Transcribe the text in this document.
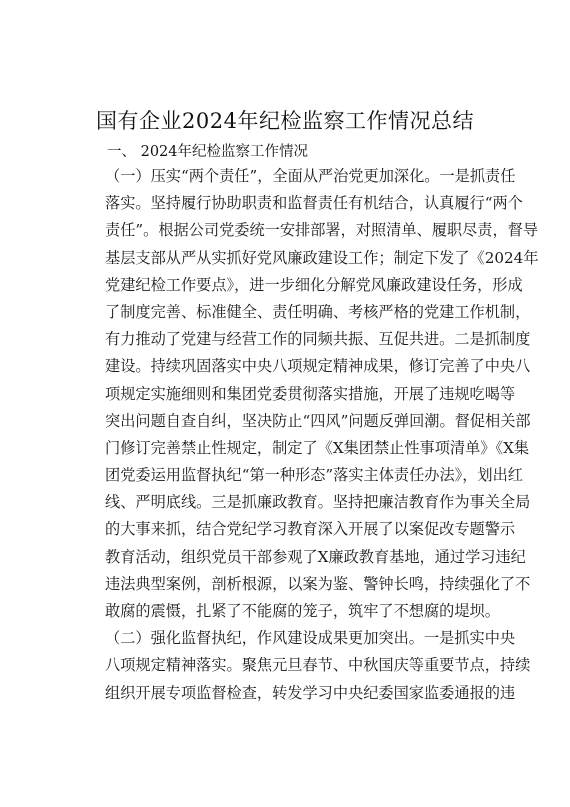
国有企业2024年纪检监察工作情况总结
一、 2024年纪检监察工作情况
（一）压实“两个责任”，全面从严治党更加深化。一是抓责任
落实。坚持履行协助职责和监督责任有机结合，认真履行“两个
责任”。根据公司党委统一安排部署，对照清单、履职尽责，督导
基层支部从严从实抓好党风廉政建设工作；制定下发了《2024年
党建纪检工作要点》，进一步细化分解党风廉政建设任务，形成
了制度完善、标准健全、责任明确、考核严格的党建工作机制，
有力推动了党建与经营工作的同频共振、互促共进。二是抓制度
建设。持续巩固落实中央八项规定精神成果，修订完善了中央八
项规定实施细则和集团党委贯彻落实措施，开展了违规吃喝等
突出问题自查自纠，坚决防止“四风”问题反弹回潮。督促相关部
门修订完善禁止性规定，制定了《X集团禁止性事项清单》《X集
团党委运用监督执纪“第一种形态”落实主体责任办法》，划出红
线、严明底线。三是抓廉政教育。坚持把廉洁教育作为事关全局
的大事来抓，结合党纪学习教育深入开展了以案促改专题警示
教育活动，组织党员干部参观了X廉政教育基地，通过学习违纪
违法典型案例，剖析根源，以案为鉴、警钟长鸣，持续强化了不
敢腐的震慑，扎紧了不能腐的笼子，筑牢了不想腐的堤坝。
（二）强化监督执纪，作风建设成果更加突出。一是抓实中央
八项规定精神落实。聚焦元旦春节、中秋国庆等重要节点，持续
组织开展专项监督检查，转发学习中央纪委国家监委通报的违
